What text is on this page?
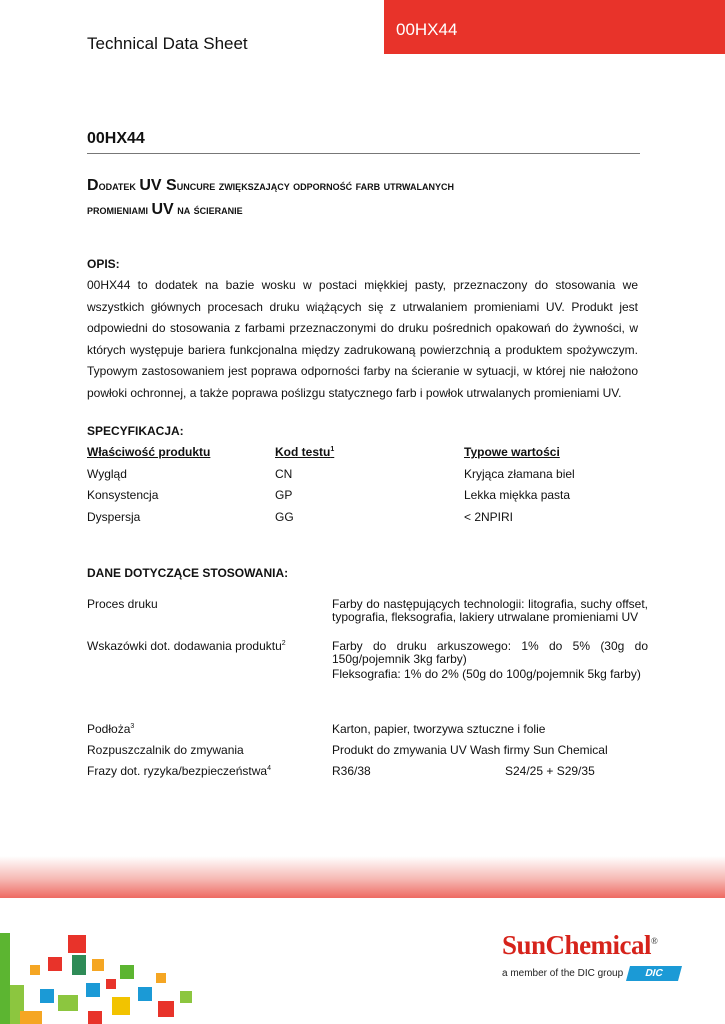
00HX44
Technical Data Sheet
00HX44
Dodatek UV Suncure zwiększający odporność farb utrwalanych
promieniami UV na ścieranie
OPIS:
00HX44 to dodatek na bazie wosku w postaci miękkiej pasty, przeznaczony do stosowania we wszystkich głównych procesach druku wiążących się z utrwalaniem promieniami UV. Produkt jest odpowiedni do stosowania z farbami przeznaczonymi do druku pośrednich opakowań do żywności, w których występuje bariera funkcjonalna między zadrukowaną powierzchnią a produktem spożywczym. Typowym zastosowaniem jest poprawa odporności farby na ścieranie w sytuacji, w której nie nałożono powłoki ochronnej, a także poprawa poślizgu statycznego farb i powłok utrwalanych promieniami UV.
SPECYFIKACJA:
Właściwość produktu	Kod testu$^1$	Typowe wartości
Wygląd	CN	Kryjąca złamana biel
Konsystencja	GP	Lekka miękka pasta
Dyspersja	GG	< 2NPIRI
DANE DOTYCZĄCE STOSOWANIA:
Proces druku	Farby do następujących technologii: litografia, suchy offset, typografia, fleksografia, lakiery utrwalane promieniami UV
Wskazówki dot. dodawania produktu$^2$	Farby do druku arkuszowego: 1% do 5% (30g do 150g/pojemnik 3kg farby)
Fleksografia: 1% do 2% (50g do 100g/pojemnik 5kg farby)
Podłoża$^3$	Karton, papier, tworzywa sztuczne i folie
Rozpuszczalnik do zmywania	Produkt do zmywania UV Wash firmy Sun Chemical
Frazy dot. ryzyka/bezpieczeństwa$^4$	R36/38	S24/25 + S29/35
SunChemical®
a member of the DIC group	DIC
